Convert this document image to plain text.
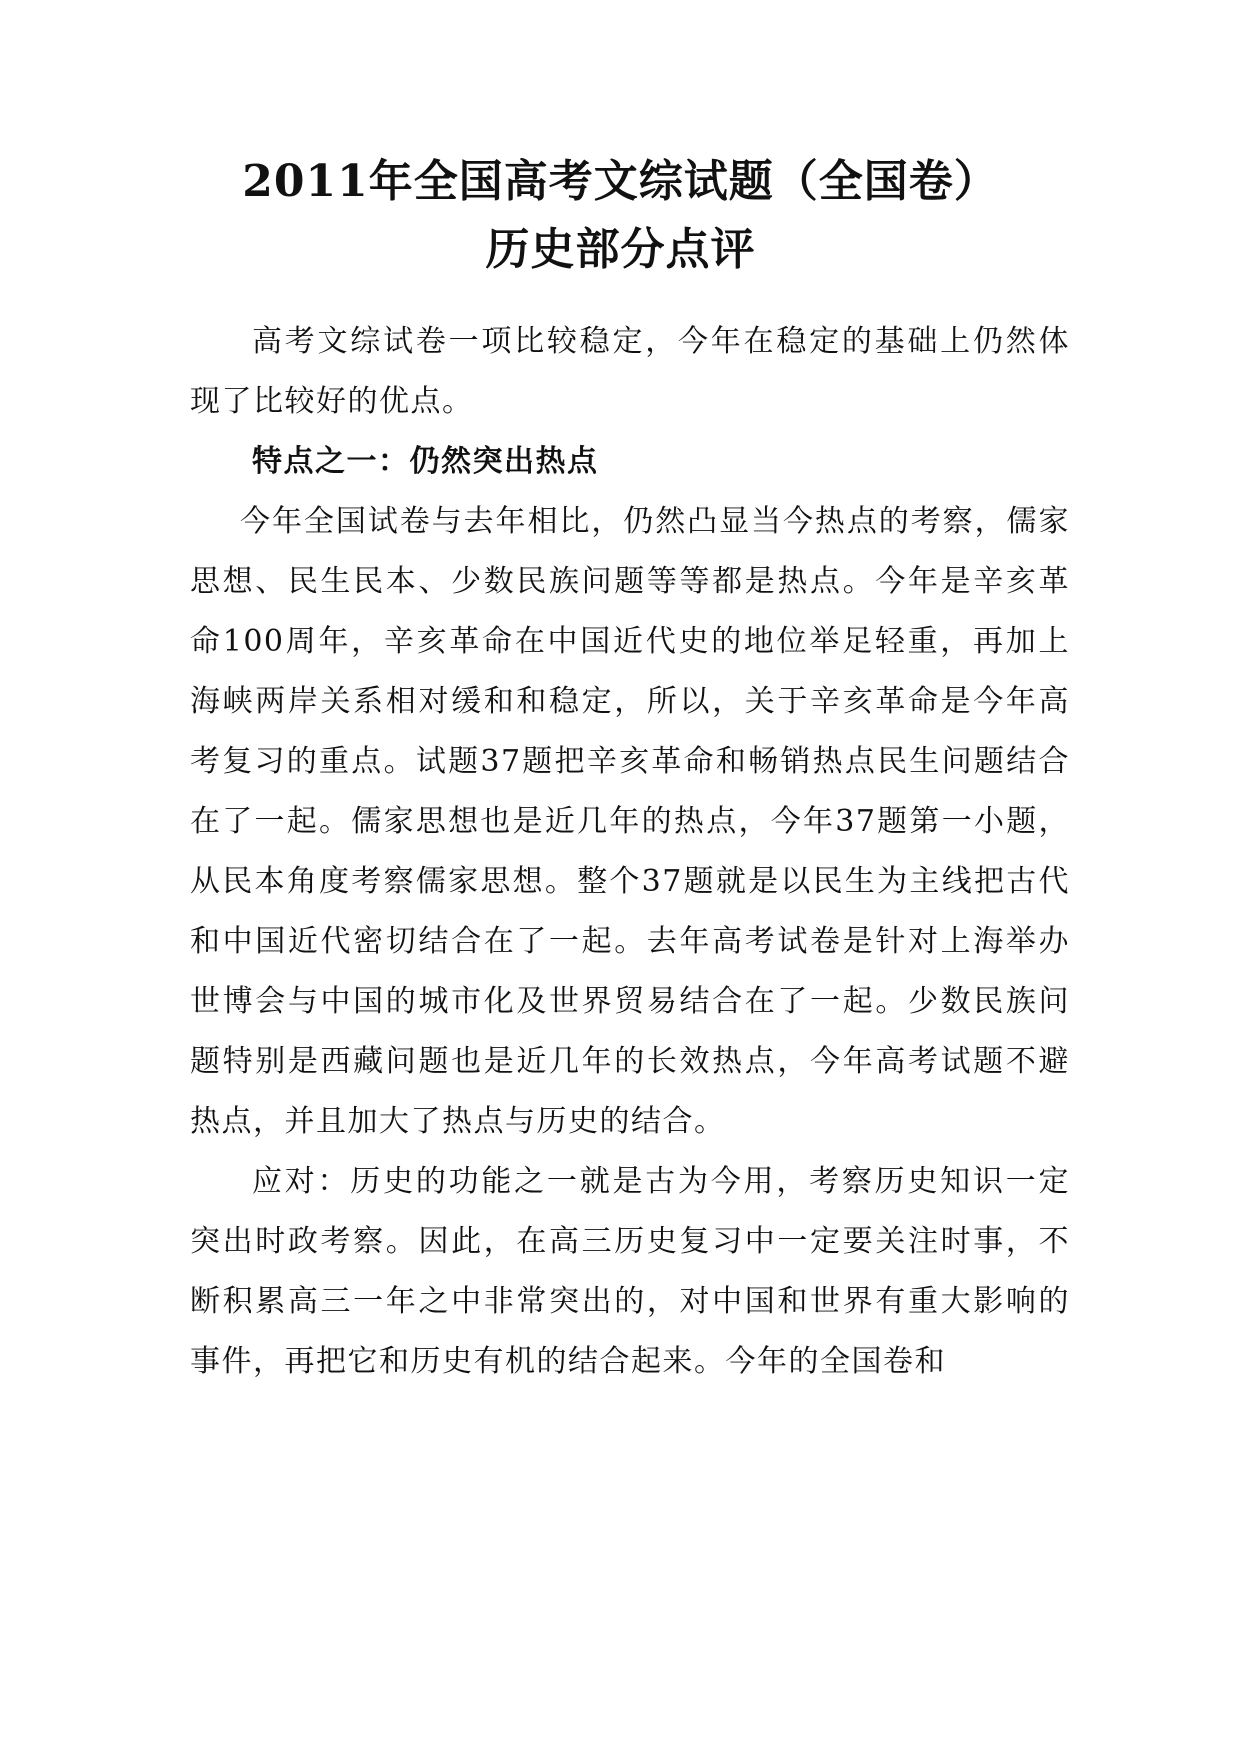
2011年全国高考文综试题（全国卷）
历史部分点评

高考文综试卷一项比较稳定，今年在稳定的基础上仍然体现了比较好的优点。

特点之一：仍然突出热点

今年全国试卷与去年相比，仍然凸显当今热点的考察，儒家思想、民生民本、少数民族问题等等都是热点。今年是辛亥革命100周年，辛亥革命在中国近代史的地位举足轻重，再加上海峡两岸关系相对缓和和稳定，所以，关于辛亥革命是今年高考复习的重点。试题37题把辛亥革命和畅销热点民生问题结合在了一起。儒家思想也是近几年的热点，今年37题第一小题，从民本角度考察儒家思想。整个37题就是以民生为主线把古代和中国近代密切结合在了一起。去年高考试卷是针对上海举办世博会与中国的城市化及世界贸易结合在了一起。少数民族问题特别是西藏问题也是近几年的长效热点，今年高考试题不避热点，并且加大了热点与历史的结合。

应对：历史的功能之一就是古为今用，考察历史知识一定突出时政考察。因此，在高三历史复习中一定要关注时事，不断积累高三一年之中非常突出的，对中国和世界有重大影响的事件，再把它和历史有机的结合起来。今年的全国卷和
